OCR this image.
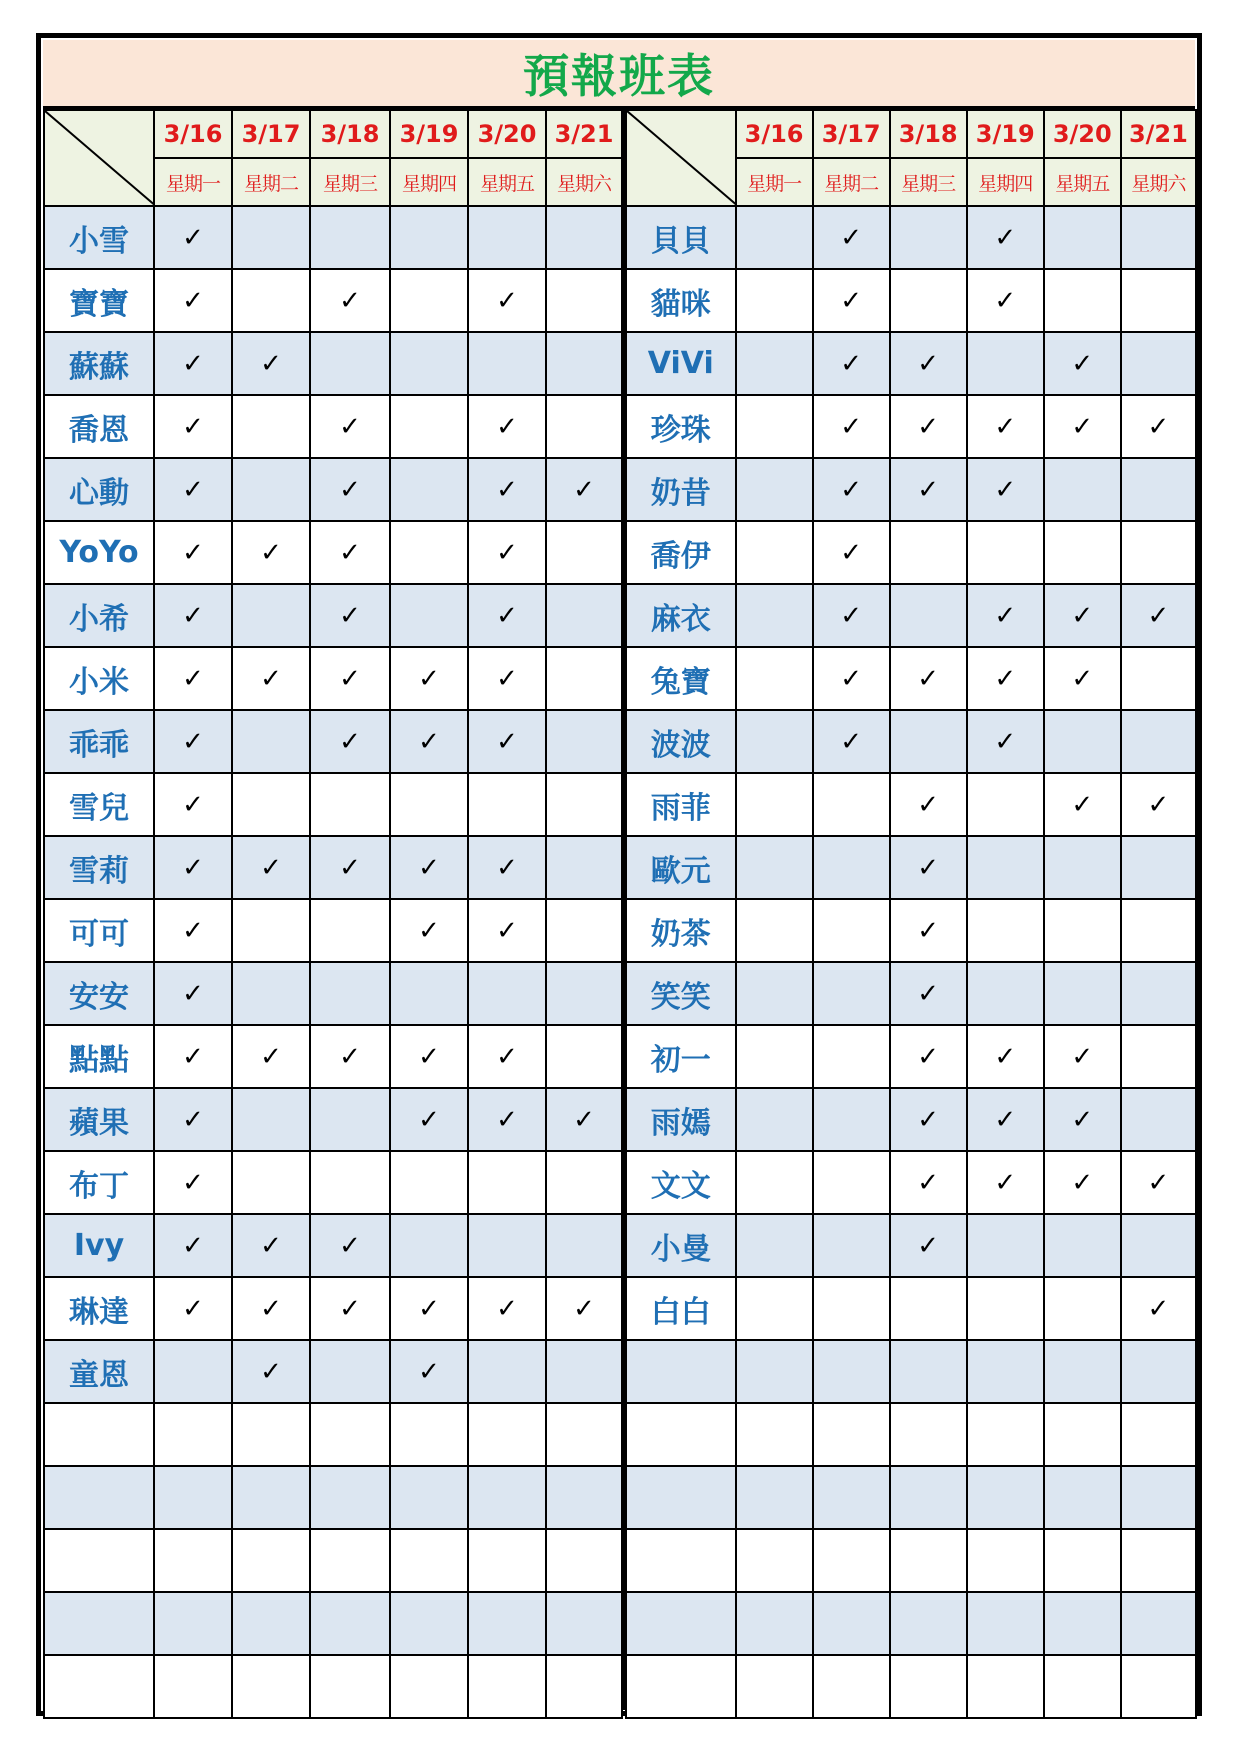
預報班表
	3/16	3/17	3/18	3/19	3/20	3/21
	星期一	星期二	星期三	星期四	星期五	星期六
小雪	✓					
寶寶	✓		✓		✓	
蘇蘇	✓	✓				
喬恩	✓		✓		✓	
心動	✓		✓		✓	✓
YoYo	✓	✓	✓		✓	
小希	✓		✓		✓	
小米	✓	✓	✓	✓	✓	
乖乖	✓		✓	✓	✓	
雪兒	✓					
雪莉	✓	✓	✓	✓	✓	
可可	✓			✓	✓	
安安	✓					
點點	✓	✓	✓	✓	✓	
蘋果	✓			✓	✓	✓
布丁	✓					
Ivy	✓	✓	✓			
琳達	✓	✓	✓	✓	✓	✓
童恩		✓		✓		

	3/16	3/17	3/18	3/19	3/20	3/21
	星期一	星期二	星期三	星期四	星期五	星期六
貝貝		✓		✓		
貓咪		✓		✓		
ViVi		✓	✓		✓	
珍珠		✓	✓	✓	✓	✓
奶昔		✓	✓	✓		
喬伊		✓				
麻衣		✓		✓	✓	✓
兔寶		✓	✓	✓	✓	
波波		✓		✓		
雨菲			✓		✓	✓
歐元			✓			
奶茶			✓			
笑笑			✓			
初一			✓	✓	✓	
雨嫣			✓	✓	✓	
文文			✓	✓	✓	✓
小曼			✓			
白白						✓
